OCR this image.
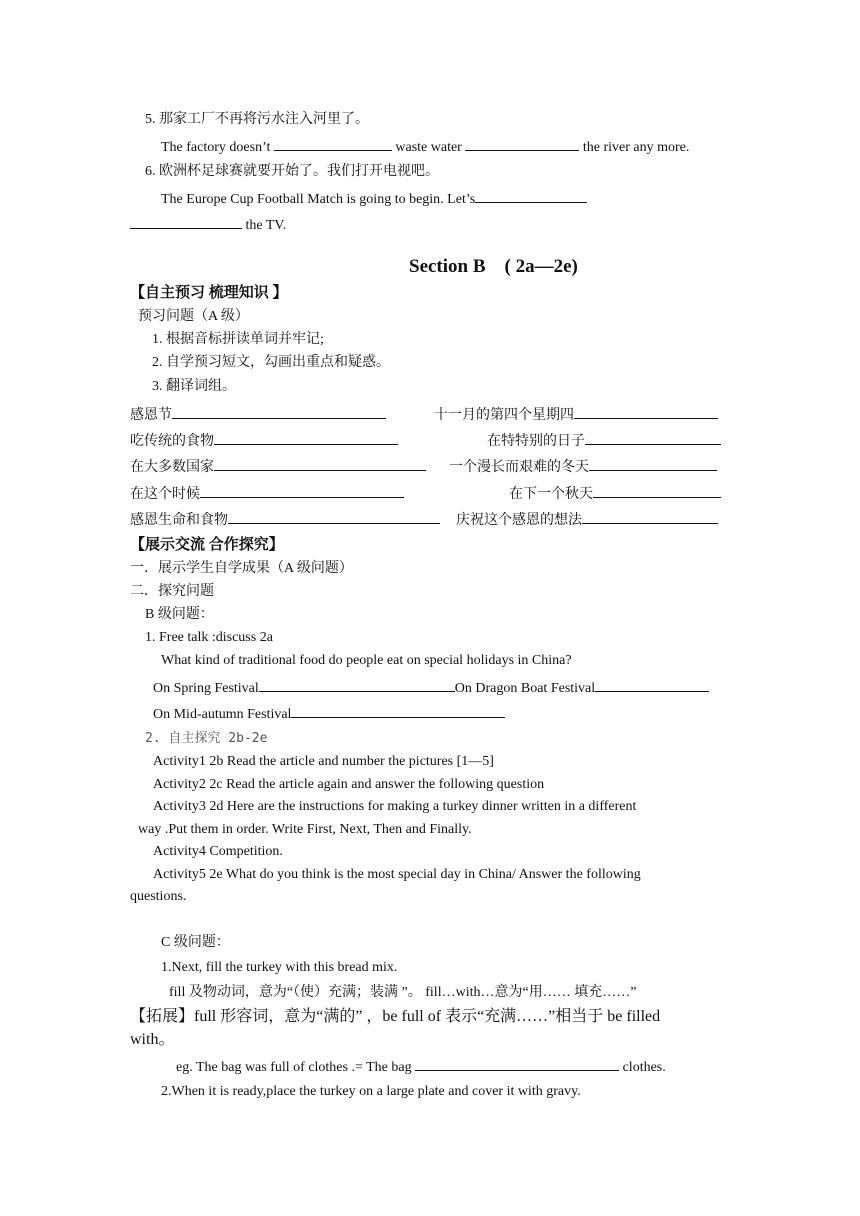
5. 那家工厂不再将污水注入河里了。
The factory doesn’t	waste water	the river any more.
6. 欧洲杯足球赛就要开始了。我们打开电视吧。
The Europe Cup Football Match is going to begin. Let’s
the TV.
Section B　( 2a—2e)
【自主预习 梳理知识 】
预习问题（A 级）
1. 根据音标拼读单词并牢记;
2. 自学预习短文，勾画出重点和疑惑。
3. 翻译词组。
感恩节	十一月的第四个星期四
吃传统的食物	在特特别的日子
在大多数国家	一个漫长而艰难的冬天
在这个时候	在下一个秋天
感恩生命和食物	庆祝这个感恩的想法
【展示交流 合作探究】
一．展示学生自学成果（A 级问题）
二．探究问题
B 级问题：
1. Free talk :discuss 2a
What kind of traditional food do people eat on special holidays in China?
On Spring Festival	On Dragon Boat Festival
On Mid-autumn Festival
2. 自主探究 2b-2e
Activity1 2b Read the article and number the pictures [1—5]
Activity2 2c Read the article again and answer the following question
Activity3 2d Here are the instructions for making a turkey dinner written in a different
way .Put them in order. Write First, Next, Then and Finally.
Activity4 Competition.
Activity5 2e What do you think is the most special day in China/ Answer the following
questions.
C 级问题：
1.Next, fill the turkey with this bread mix.
fill 及物动词，意为“（使）充满；装满 ”。 fill…with…意为“用…… 填充……”
【拓展】full 形容词，意为“满的” ，be full of 表示“充满……”相当于 be filled
with。
eg. The bag was full of clothes .= The bag	clothes.
2.When it is ready,place the turkey on a large plate and cover it with gravy.
